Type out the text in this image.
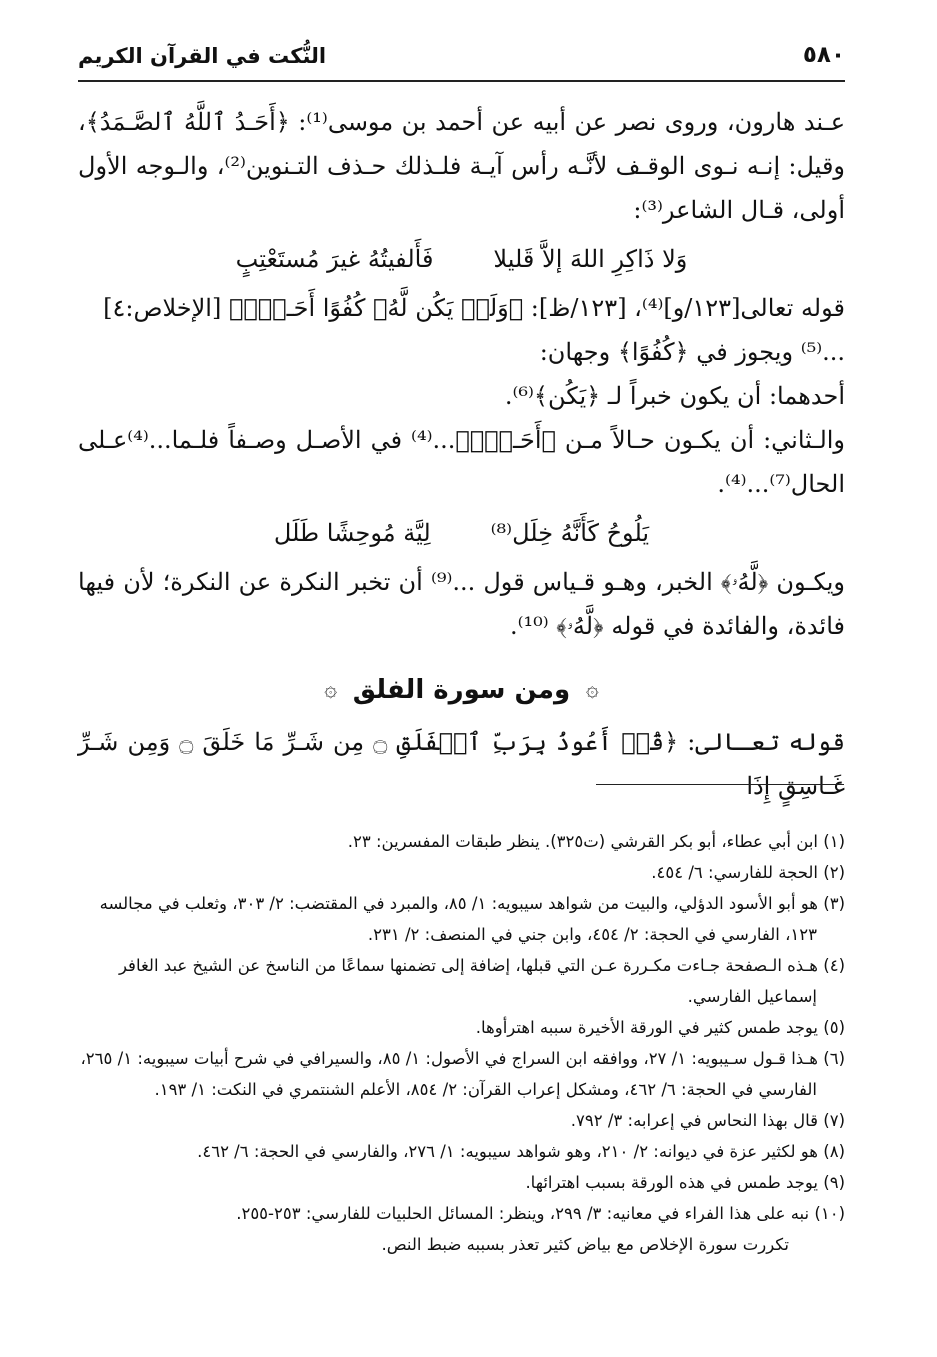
٥٨٠
النُّكت في القرآن الكريم

عـند هارون، وروى نصر عن أبيه عن أحمد بن موسى⁽¹⁾: ﴿أَحَـدُ ٱللَّهُ ٱلصَّـمَدُ﴾، وقيل: إنـه نـوى الوقـف لأنَّـه رأس آيـة فلـذلك حـذف التـنوين⁽²⁾، والـوجه الأول أولى، قـال الشاعر⁽³⁾:

فَأَلفيتُهُ غيرَ مُستَعْتِبٍ	وَلا ذَاكِرِ اللهَ إلاَّ قَليلا

قوله تعالى[١٢٣/و]⁽⁴⁾، [١٢٣/ظ]: ﴿وَلَمۡ يَكُن لَّهُۥ كُفُوًا أَحَـدُۢ﴾ [الإخلاص:٤]

...⁽⁵⁾ ويجوز في ﴿كُفُوًا﴾ وجهان:

أحدهما: أن يكون خبراً لـ ﴿يَكُن﴾⁽⁶⁾.

والـثاني: أن يكـون حـالاً مـن ﴿أَحَـدُۢ﴾...⁽⁴⁾ في الأصـل وصـفاً فلـما...⁽⁴⁾عـلى الحال⁽⁷⁾...⁽⁴⁾.

لِيَّة مُوحِشًا طَلَل	يَلُوحُ كَأَنَّهُ خِلَل⁽⁸⁾

ويكـون ﴿لَّهُۥ﴾ الخبر، وهـو قـياس قول ...⁽⁹⁾ أن تخبر النكرة عن النكرة؛ لأن فيها فائدة، والفائدة في قوله ﴿لَّهُۥ﴾ ⁽¹⁰⁾.

۞ ومن سورة الفلق ۞

قوله تعـالى: ﴿قُلۡ أَعُوذُ بِرَبِّ ٱلۡفَلَقِ ۝ مِن شَـرِّ مَا خَلَقَ ۝ وَمِن شَـرِّ غَـاسِقٍ إِذَا

(١) ابن أبي عطاء، أبو بكر القرشي (ت٣٢٥). ينظر طبقات المفسرين: ٢٣.

(٢) الحجة للفارسي: ٦/ ٤٥٤.

(٣) هو أبو الأسود الدؤلي، والبيت من شواهد سيبويه: ١/ ٨٥، والمبرد في المقتضب: ٢/ ٣٠٣، وثعلب في مجالسه

١٢٣، الفارسي في الحجة: ٢/ ٤٥٤، وابن جني في المنصف: ٢/ ٢٣١.

(٤) هـذه الـصفحة جـاءت مكـررة عـن التي قبلها، إضافة إلى تضمنها سماعًا من الناسخ عن الشيخ عبد الغافر

إسماعيل الفارسي.

(٥) يوجد طمس كثير في الورقة الأخيرة سببه اهترأوها.

(٦) هـذا قـول سـيبويه: ١/ ٢٧، ووافقه ابن السراج في الأصول: ١/ ٨٥، والسيرافي في شرح أبيات سيبويه: ١/ ٢٦٥،

الفارسي في الحجة: ٦/ ٤٦٢، ومشكل إعراب القرآن: ٢/ ٨٥٤، الأعلم الشنتمري في النكت: ١/ ١٩٣.

(٧) قال بهذا النحاس في إعرابه: ٣/ ٧٩٢.

(٨) هو لكثير عزة في ديوانه: ٢/ ٢١٠، وهو شواهد سيبويه: ١/ ٢٧٦، والفارسي في الحجة: ٦/ ٤٦٢.

(٩) يوجد طمس في هذه الورقة بسبب اهترائها.

(١٠) نبه على هذا الفراء في معانيه: ٣/ ٢٩٩، وينظر: المسائل الحلبيات للفارسي: ٢٥٣-٢٥٥.

تكررت سورة الإخلاص مع بياض كثير تعذر بسببه ضبط النص.
